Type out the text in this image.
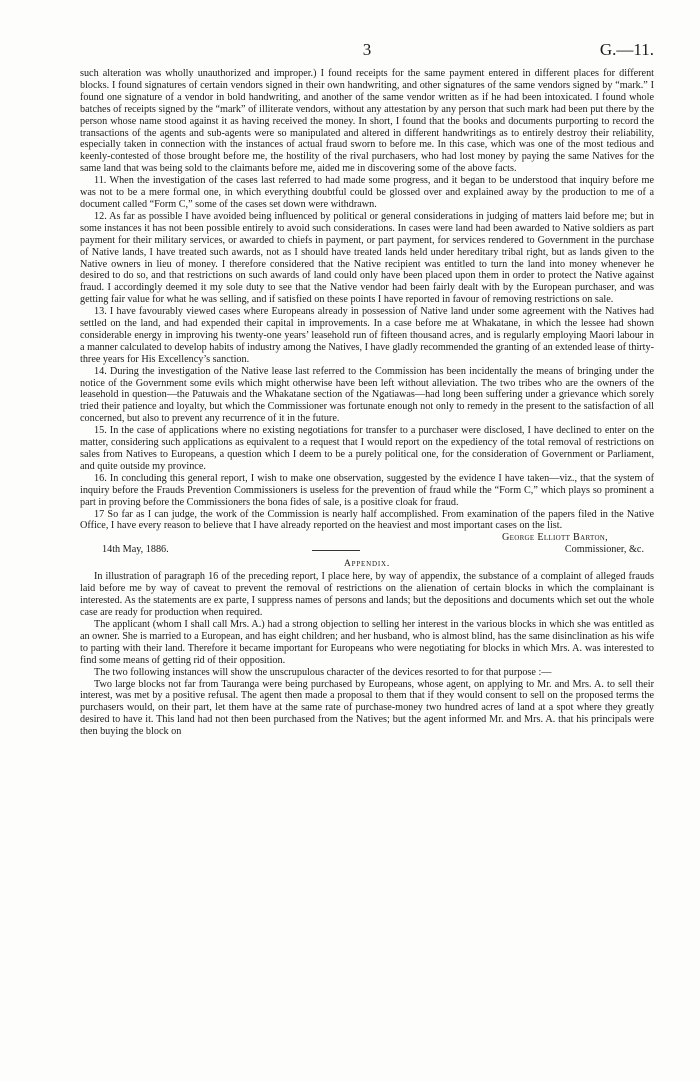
3	G.—11.

such alteration was wholly unauthorized and improper.) I found receipts for the same payment entered in different places for different blocks. I found signatures of certain vendors signed in their own handwriting, and other signatures of the same vendors signed by “mark.” I found one signature of a vendor in bold handwriting, and another of the same vendor written as if he had been intoxicated. I found whole batches of receipts signed by the “mark” of illiterate vendors, without any attestation by any person that such mark had been put there by the person whose name stood against it as having received the money. In short, I found that the books and documents purporting to record the transactions of the agents and sub-agents were so manipulated and altered in different handwritings as to entirely destroy their reliability, especially taken in connection with the instances of actual fraud sworn to before me. In this case, which was one of the most tedious and keenly-contested of those brought before me, the hostility of the rival purchasers, who had lost money by paying the same Natives for the same land that was being sold to the claimants before me, aided me in discovering some of the above facts.

11. When the investigation of the cases last referred to had made some progress, and it began to be understood that inquiry before me was not to be a mere formal one, in which everything doubtful could be glossed over and explained away by the production to me of a document called “Form C,” some of the cases set down were withdrawn.

12. As far as possible I have avoided being influenced by political or general considerations in judging of matters laid before me; but in some instances it has not been possible entirely to avoid such considerations. In cases were land had been awarded to Native soldiers as part payment for their military services, or awarded to chiefs in payment, or part payment, for services rendered to Government in the purchase of Native lands, I have treated such awards, not as I should have treated lands held under hereditary tribal right, but as lands given to the Native owners in lieu of money. I therefore considered that the Native recipient was entitled to turn the land into money whenever he desired to do so, and that restrictions on such awards of land could only have been placed upon them in order to protect the Native against fraud. I accordingly deemed it my sole duty to see that the Native vendor had been fairly dealt with by the European purchaser, and was getting fair value for what he was selling, and if satisfied on these points I have reported in favour of removing restrictions on sale.

13. I have favourably viewed cases where Europeans already in possession of Native land under some agreement with the Natives had settled on the land, and had expended their capital in improvements. In a case before me at Whakatane, in which the lessee had shown considerable energy in improving his twenty-one years’ leasehold run of fifteen thousand acres, and is regularly employing Maori labour in a manner calculated to develop habits of industry among the Natives, I have gladly recommended the granting of an extended lease of thirty-three years for His Excellency’s sanction.

14. During the investigation of the Native lease last referred to the Commission has been incidentally the means of bringing under the notice of the Government some evils which might otherwise have been left without alleviation. The two tribes who are the owners of the leasehold in question—the Patuwais and the Whakatane section of the Ngatiawas—had long been suffering under a grievance which sorely tried their patience and loyalty, but which the Commissioner was fortunate enough not only to remedy in the present to the satisfaction of all concerned, but also to prevent any recurrence of it in the future.

15. In the case of applications where no existing negotiations for transfer to a purchaser were disclosed, I have declined to enter on the matter, considering such applications as equivalent to a request that I would report on the expediency of the total removal of restrictions on sales from Natives to Europeans, a question which I deem to be a purely political one, for the consideration of Government or Parliament, and quite outside my province.

16. In concluding this general report, I wish to make one observation, suggested by the evidence I have taken—viz., that the system of inquiry before the Frauds Prevention Commissioners is useless for the prevention of fraud while the “Form C,” which plays so prominent a part in proving before the Commissioners the bona fides of sale, is a positive cloak for fraud.

17 So far as I can judge, the work of the Commission is nearly half accomplished. From examination of the papers filed in the Native Office, I have every reason to believe that I have already reported on the heaviest and most important cases on the list.

George Elliott Barton,
Commissioner, &c.
14th May, 1886.
Appendix.

In illustration of paragraph 16 of the preceding report, I place here, by way of appendix, the substance of a complaint of alleged frauds laid before me by way of caveat to prevent the removal of restrictions on the alienation of certain blocks in which the complainant is interested. As the statements are ex parte, I suppress names of persons and lands; but the depositions and documents which set out the whole case are ready for production when required.

The applicant (whom I shall call Mrs. A.) had a strong objection to selling her interest in the various blocks in which she was entitled as an owner. She is married to a European, and has eight children; and her husband, who is almost blind, has the same disinclination as his wife to parting with their land. Therefore it became important for Europeans who were negotiating for blocks in which Mrs. A. was interested to find some means of getting rid of their opposition.

The two following instances will show the unscrupulous character of the devices resorted to for that purpose :—

Two large blocks not far from Tauranga were being purchased by Europeans, whose agent, on applying to Mr. and Mrs. A. to sell their interest, was met by a positive refusal. The agent then made a proposal to them that if they would consent to sell on the proposed terms the purchasers would, on their part, let them have at the same rate of purchase-money two hundred acres of land at a spot where they greatly desired to have it. This land had not then been purchased from the Natives; but the agent informed Mr. and Mrs. A. that his principals were then buying the block on
